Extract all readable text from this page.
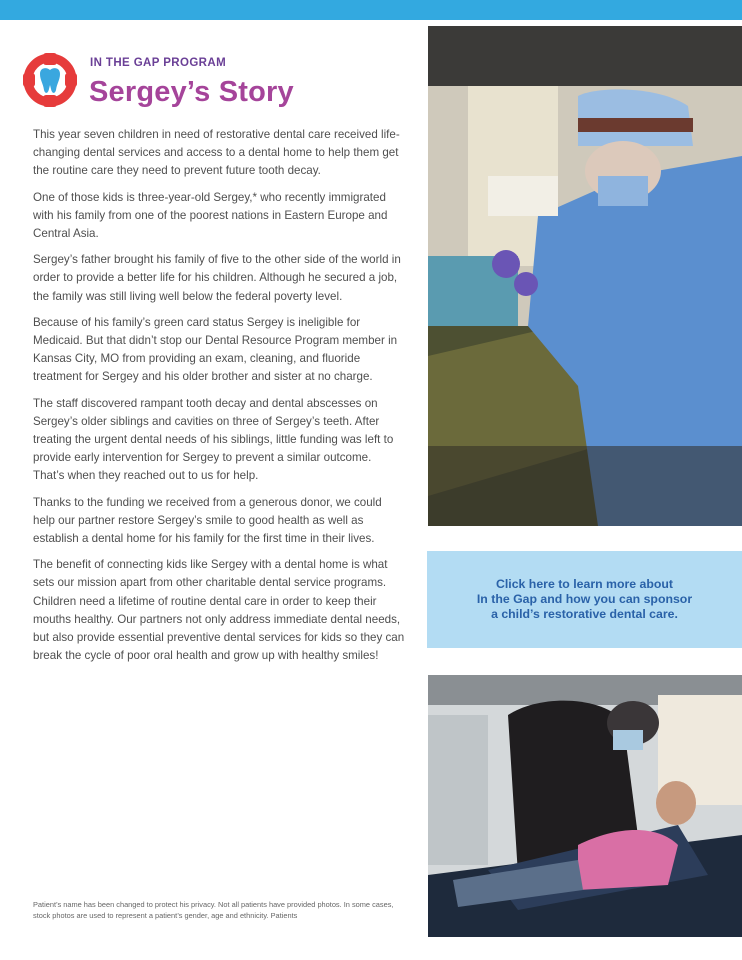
IN THE GAP PROGRAM
Sergey’s Story

This year seven children in need of restorative dental care received life-changing dental services and access to a dental home to help them get the routine care they need to prevent future tooth decay.

One of those kids is three-year-old Sergey,* who recently immigrated with his family from one of the poorest nations in Eastern Europe and Central Asia.

Sergey’s father brought his family of five to the other side of the world in order to provide a better life for his children. Although he secured a job, the family was still living well below the federal poverty level.

Because of his family’s green card status Sergey is ineligible for Medicaid. But that didn’t stop our Dental Resource Program member in Kansas City, MO from providing an exam, cleaning, and fluoride treatment for Sergey and his older brother and sister at no charge.

The staff discovered rampant tooth decay and dental abscesses on Sergey’s older siblings and cavities on three of Sergey’s teeth. After treating the urgent dental needs of his siblings, little funding was left to provide early intervention for Sergey to prevent a similar outcome. That’s when they reached out to us for help.

Thanks to the funding we received from a generous donor, we could help our partner restore Sergey’s smile to good health as well as establish a dental home for his family for the first time in their lives.

The benefit of connecting kids like Sergey with a dental home is what sets our mission apart from other charitable dental service programs. Children need a lifetime of routine dental care in order to keep their mouths healthy. Our partners not only address immediate dental needs, but also provide essential preventive dental services for kids so they can break the cycle of poor oral health and grow up with healthy smiles!

Patient’s name has been changed to protect his privacy. Not all patients have provided photos. In some cases, stock photos are used to represent a patient’s gender, age and ethnicity. Patients
Click here to learn more about
In the Gap and how you can sponsor
a child’s restorative dental care.
